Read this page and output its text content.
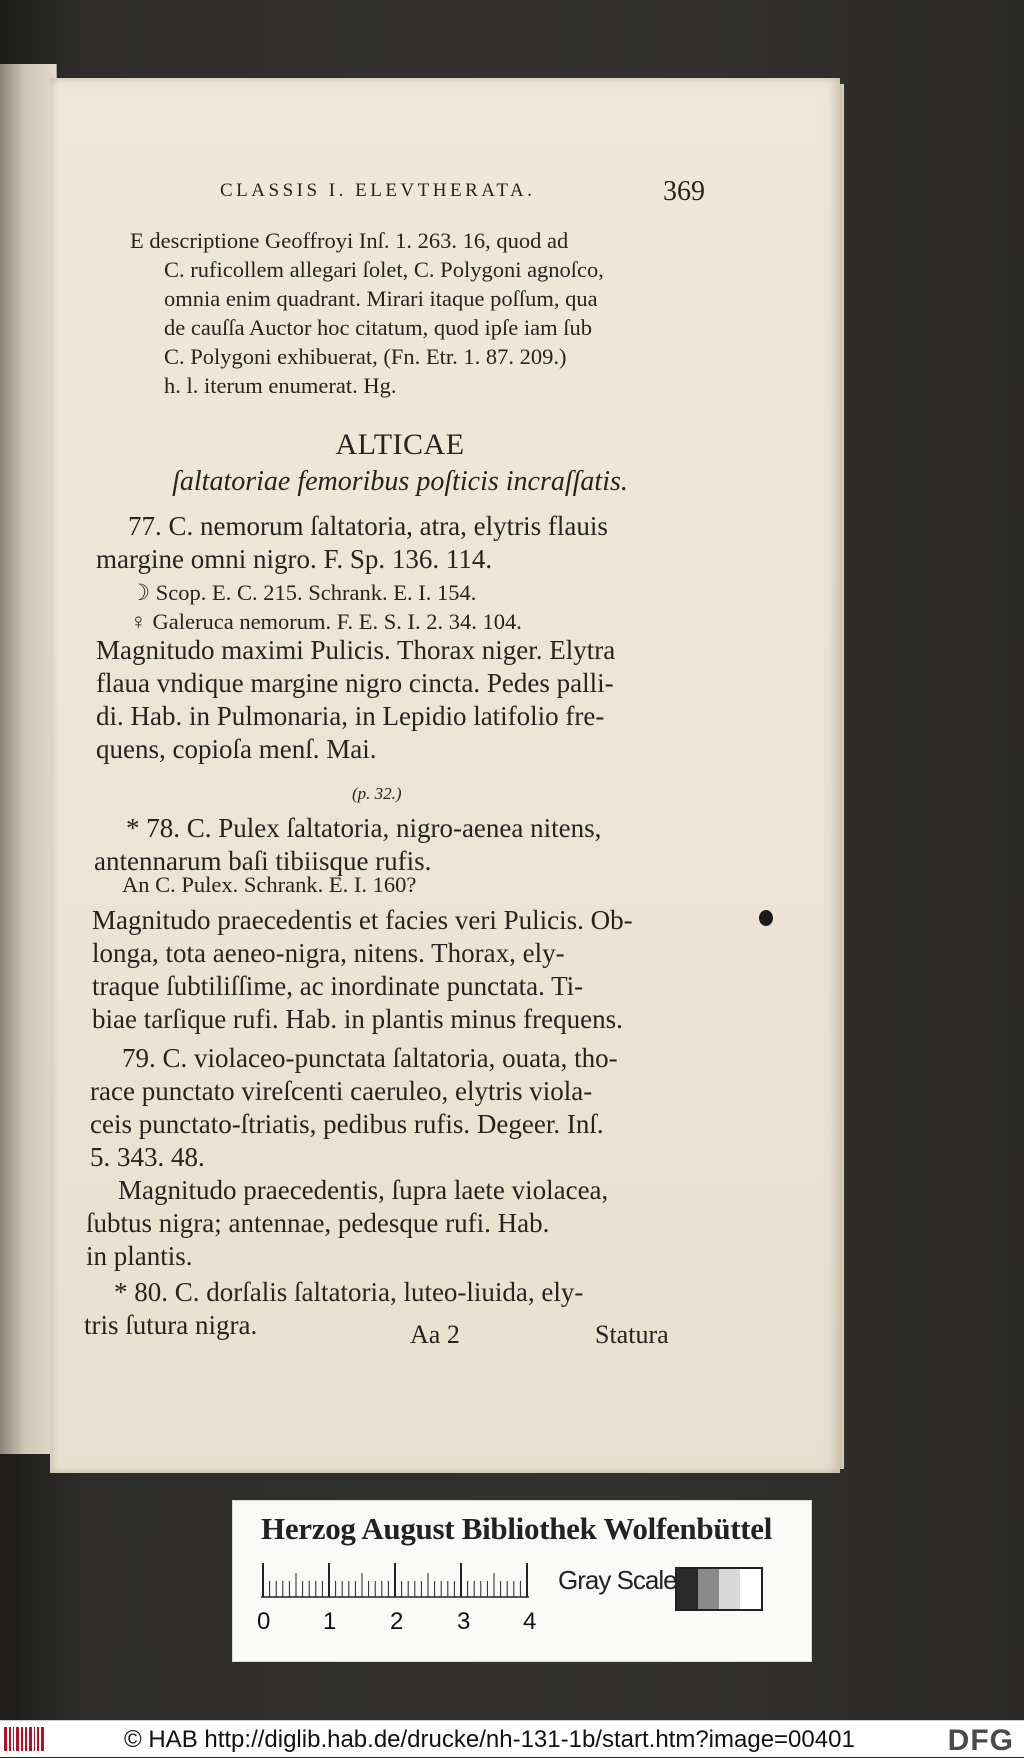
CLASSIS I. ELEVTHERATA.	369

E descriptione Geoffroyi Inſ. 1. 263. 16, quod ad

C. ruficollem allegari ſolet, C. Polygoni agnoſco,

omnia enim quadrant. Mirari itaque poſſum, qua

de cauſſa Auctor hoc citatum, quod ipſe iam ſub

C. Polygoni exhibuerat, (Fn. Etr. 1. 87. 209.)

h. l. iterum enumerat. Hg.

ALTICAE
ſaltatoriae femoribus poſticis incraſſatis.

77. C. nemorum ſaltatoria, atra, elytris flauis

margine omni nigro. F. Sp. 136. 114.

☽ Scop. E. C. 215. Schrank. E. I. 154.

♀ Galeruca nemorum. F. E. S. I. 2. 34. 104.

Magnitudo maximi Pulicis. Thorax niger. Elytra

flaua vndique margine nigro cincta. Pedes palli-

di. Hab. in Pulmonaria, in Lepidio latifolio fre-

quens, copioſa menſ. Mai.

(p. 32.)

* 78. C. Pulex ſaltatoria, nigro-aenea nitens,

antennarum baſi tibiisque rufis.

An C. Pulex. Schrank. E. I. 160?

Magnitudo praecedentis et facies veri Pulicis. Ob-

longa, tota aeneo-nigra, nitens. Thorax, ely-

traque ſubtiliſſime, ac inordinate punctata. Ti-

biae tarſique rufi. Hab. in plantis minus frequens.

79. C. violaceo-punctata ſaltatoria, ouata, tho-

race punctato vireſcenti caeruleo, elytris viola-

ceis punctato-ſtriatis, pedibus rufis. Degeer. Inſ.

5. 343. 48.

Magnitudo praecedentis, ſupra laete violacea,

ſubtus nigra; antennae, pedesque rufi. Hab.

in plantis.

* 80. C. dorſalis ſaltatoria, luteo-liuida, ely-

tris ſutura nigra.	Aa 2	Statura
Herzog August Bibliothek Wolfenbüttel
0 1 2 3 4
Gray Scale
© HAB http://diglib.hab.de/drucke/nh-131-1b/start.htm?image=00401	DFG
